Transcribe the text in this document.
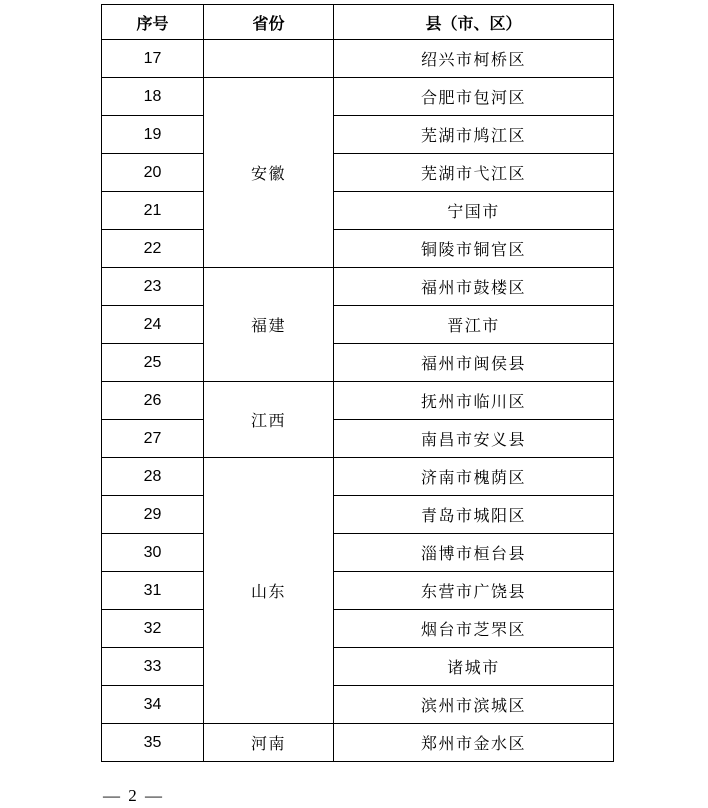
序号	省份	县（市、区）
17		绍兴市柯桥区
18	安徽	合肥市包河区
19		芜湖市鸠江区
20		芜湖市弋江区
21		宁国市
22		铜陵市铜官区
23	福建	福州市鼓楼区
24		晋江市
25		福州市闽侯县
26	江西	抚州市临川区
27		南昌市安义县
28	山东	济南市槐荫区
29		青岛市城阳区
30		淄博市桓台县
31		东营市广饶县
32		烟台市芝罘区
33		诸城市
34		滨州市滨城区
35	河南	郑州市金水区
— 2 —
